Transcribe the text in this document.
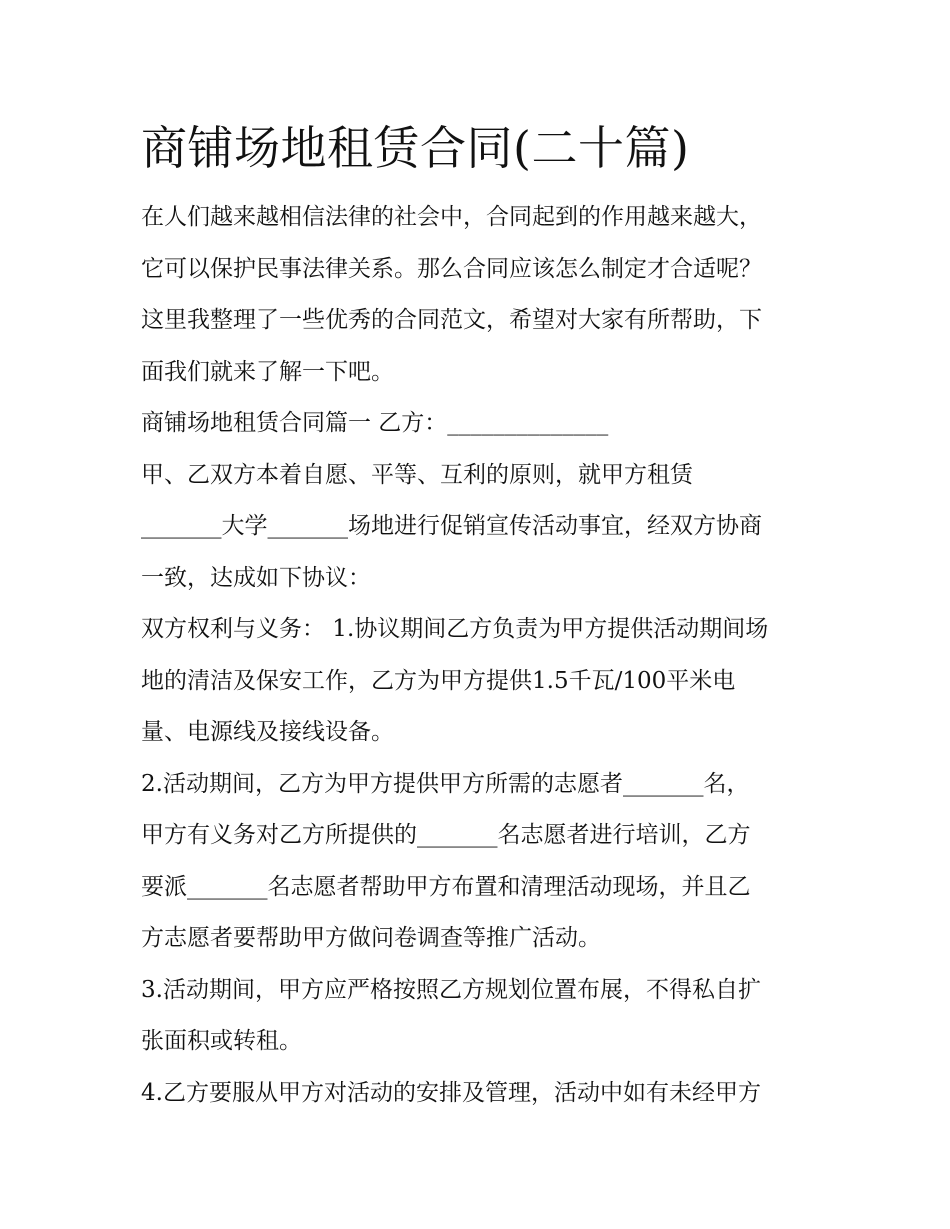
商铺场地租赁合同(二十篇)
在人们越来越相信法律的社会中，合同起到的作用越来越大，
它可以保护民事法律关系。那么合同应该怎么制定才合适呢？
这里我整理了一些优秀的合同范文，希望对大家有所帮助，下
面我们就来了解一下吧。
商铺场地租赁合同篇一 乙方：______________
甲、乙双方本着自愿、平等、互利的原则，就甲方租赁
_______大学_______场地进行促销宣传活动事宜，经双方协商
一致，达成如下协议：
双方权利与义务： 1.协议期间乙方负责为甲方提供活动期间场
地的清洁及保安工作，乙方为甲方提供1.5千瓦/100平米电
量、电源线及接线设备。
2.活动期间，乙方为甲方提供甲方所需的志愿者_______名，
甲方有义务对乙方所提供的_______名志愿者进行培训，乙方
要派_______名志愿者帮助甲方布置和清理活动现场，并且乙
方志愿者要帮助甲方做问卷调查等推广活动。
3.活动期间，甲方应严格按照乙方规划位置布展，不得私自扩
张面积或转租。
4.乙方要服从甲方对活动的安排及管理，活动中如有未经甲方
